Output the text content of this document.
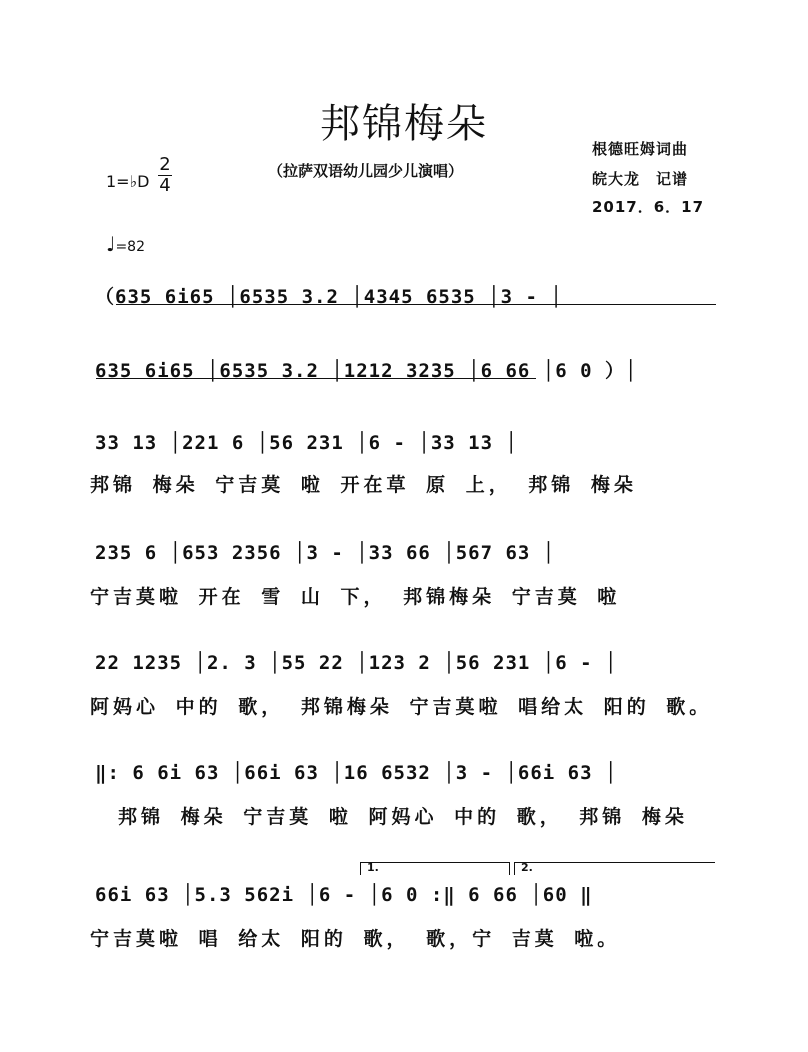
邦锦梅朵
（拉萨双语幼儿园少儿演唱）
根德旺姆词曲
皖大龙　记谱
2017．6．17
1=♭D
2
4
♩=82
（635 6i65 │6535 3.2 │4345 6535 │3 - │
635 6i65 │6535 3.2 │1212 3235 │6 66 │6 0 ）│
33 13 │221 6 │56 231 │6 - │33 13 │
邦锦 梅朵 宁吉莫 啦 开在草 原 上， 邦锦 梅朵
235 6 │653 2356 │3 - │33 66 │567 63 │
宁吉莫啦 开在 雪 山 下， 邦锦梅朵 宁吉莫 啦
22 1235 │2. 3 │55 22 │123 2 │56 231 │6 - │
阿妈心 中的 歌， 邦锦梅朵 宁吉莫啦 唱给太 阳的 歌。
‖: 6 6i 63 │66i 63 │16 6532 │3 - │66i 63 │
邦锦 梅朵 宁吉莫 啦 阿妈心 中的 歌， 邦锦 梅朵
1.	2.
66i 63 │5.3 562i │6 - │6 0 :‖ 6 66 │60 ‖
宁吉莫啦 唱 给太 阳的 歌， 歌，宁 吉莫 啦。
